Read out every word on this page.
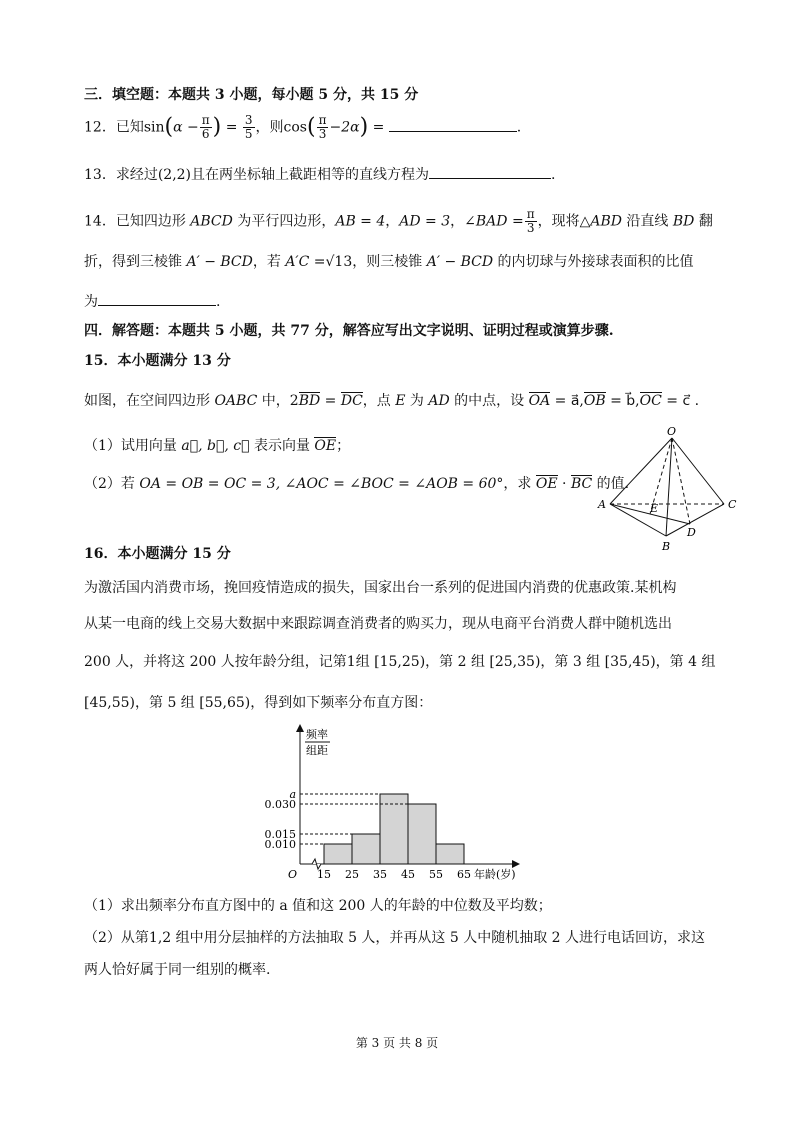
三．填空题：本题共 3 小题，每小题 5 分，共 15 分
12．已知$\sin(\alpha - \frac{\pi}{6}$ ) = $\frac{3}{5}$ ，则$\cos( \frac{\pi}{3} -2\alpha)$ =	.
13．求经过(2,2)且在两坐标轴上截距相等的直线方程为	.
14．已知四边形 ABCD 为平行四边形，AB = 4，AD = 3，∠BAD = $\frac{\pi}{3}$ ，现将△ABD 沿直线 BD 翻
折，得到三棱锥 A′ − BCD，若 A′C =√13，则三棱锥 A′ − BCD 的内切球与外接球表面积的比值
为	.
四．解答题：本题共 5 小题，共 77 分，解答应写出文字说明、证明过程或演算步骤.
15．本小题满分 13 分
如图，在空间四边形 OABC 中，2BD = DC，点 E 为 AD 的中点，设 OA = a⃗,OB = b⃗,OC = c⃗ .
（1）试用向量 a⃗, b⃗, c⃗ 表示向量 OE；
（2）若 OA = OB = OC = 3, ∠AOC = ∠BOC = ∠AOB = 60°，求 OE · BC 的值.
O
A	C
B
D
E
16．本小题满分 15 分
为激活国内消费市场，挽回疫情造成的损失，国家出台一系列的促进国内消费的优惠政策.某机构
从某一电商的线上交易大数据中来跟踪调查消费者的购买力，现从电商平台消费人群中随机选出
200 人，并将这 200 人按年龄分组，记第1组 [15,25)，第 2 组 [25,35)，第 3 组 [35,45)，第 4 组
[45,55)，第 5 组 [55,65)，得到如下频率分布直方图：
频率
组距
0.010
0.015
0.030
a
15 25 35 45 55 65
O	年龄(岁)
（1）求出频率分布直方图中的 a 值和这 200 人的年龄的中位数及平均数；
（2）从第1,2 组中用分层抽样的方法抽取 5 人，并再从这 5 人中随机抽取 2 人进行电话回访，求这
两人恰好属于同一组别的概率.
第 3 页 共 8 页
